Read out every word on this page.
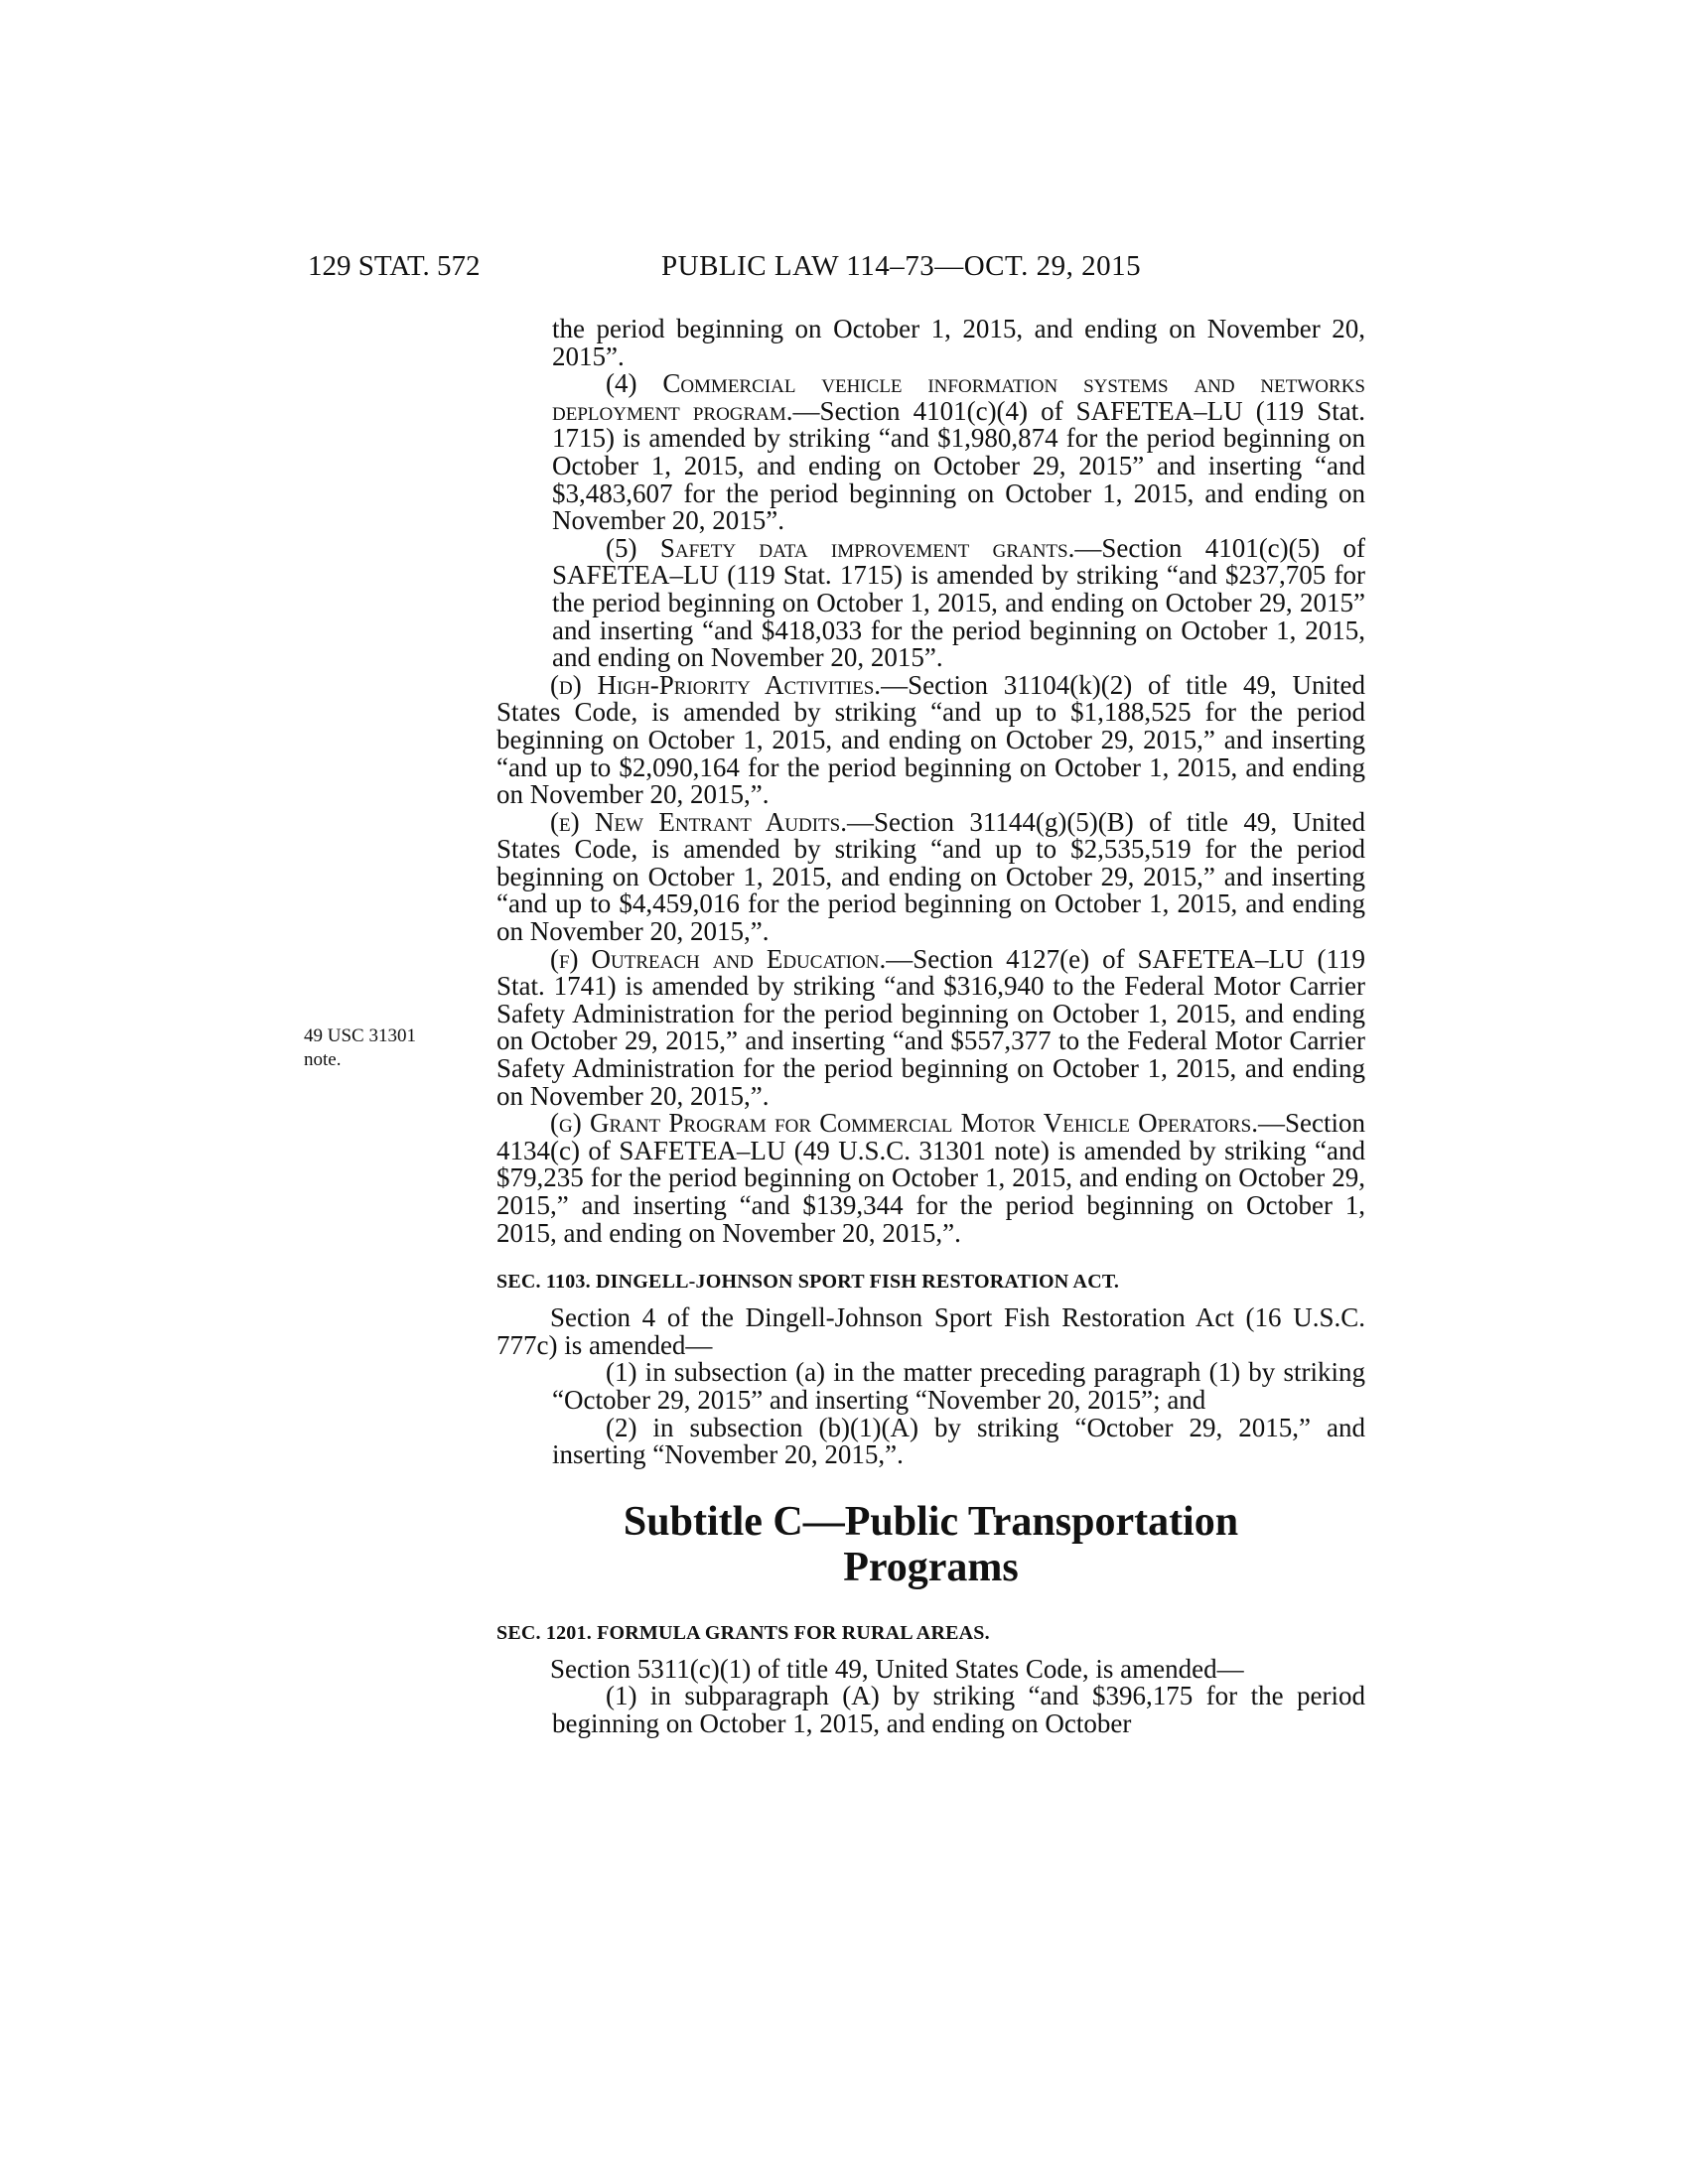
129 STAT. 572	PUBLIC LAW 114–73—OCT. 29, 2015
49 USC 31301
note.

the period beginning on October 1, 2015, and ending on November 20, 2015”.

(4) Commercial vehicle information systems and networks deployment program.—Section 4101(c)(4) of SAFETEA–LU (119 Stat. 1715) is amended by striking “and $1,980,874 for the period beginning on October 1, 2015, and ending on October 29, 2015” and inserting “and $3,483,607 for the period beginning on October 1, 2015, and ending on November 20, 2015”.

(5) Safety data improvement grants.—Section 4101(c)(5) of SAFETEA–LU (119 Stat. 1715) is amended by striking “and $237,705 for the period beginning on October 1, 2015, and ending on October 29, 2015” and inserting “and $418,033 for the period beginning on October 1, 2015, and ending on November 20, 2015”.

(d) High-Priority Activities.—Section 31104(k)(2) of title 49, United States Code, is amended by striking “and up to $1,188,525 for the period beginning on October 1, 2015, and ending on October 29, 2015,” and inserting “and up to $2,090,164 for the period beginning on October 1, 2015, and ending on November 20, 2015,”.

(e) New Entrant Audits.—Section 31144(g)(5)(B) of title 49, United States Code, is amended by striking “and up to $2,535,519 for the period beginning on October 1, 2015, and ending on October 29, 2015,” and inserting “and up to $4,459,016 for the period beginning on October 1, 2015, and ending on November 20, 2015,”.

(f) Outreach and Education.—Section 4127(e) of SAFETEA–LU (119 Stat. 1741) is amended by striking “and $316,940 to the Federal Motor Carrier Safety Administration for the period beginning on October 1, 2015, and ending on October 29, 2015,” and inserting “and $557,377 to the Federal Motor Carrier Safety Administration for the period beginning on October 1, 2015, and ending on November 20, 2015,”.

(g) Grant Program for Commercial Motor Vehicle Operators.—Section 4134(c) of SAFETEA–LU (49 U.S.C. 31301 note) is amended by striking “and $79,235 for the period beginning on October 1, 2015, and ending on October 29, 2015,” and inserting “and $139,344 for the period beginning on October 1, 2015, and ending on November 20, 2015,”.

SEC. 1103. DINGELL-JOHNSON SPORT FISH RESTORATION ACT.

Section 4 of the Dingell-Johnson Sport Fish Restoration Act (16 U.S.C. 777c) is amended—

(1) in subsection (a) in the matter preceding paragraph (1) by striking “October 29, 2015” and inserting “November 20, 2015”; and

(2) in subsection (b)(1)(A) by striking “October 29, 2015,” and inserting “November 20, 2015,”.

Subtitle C—Public Transportation
Programs

SEC. 1201. FORMULA GRANTS FOR RURAL AREAS.

Section 5311(c)(1) of title 49, United States Code, is amended—

(1) in subparagraph (A) by striking “and $396,175 for the period beginning on October 1, 2015, and ending on October
